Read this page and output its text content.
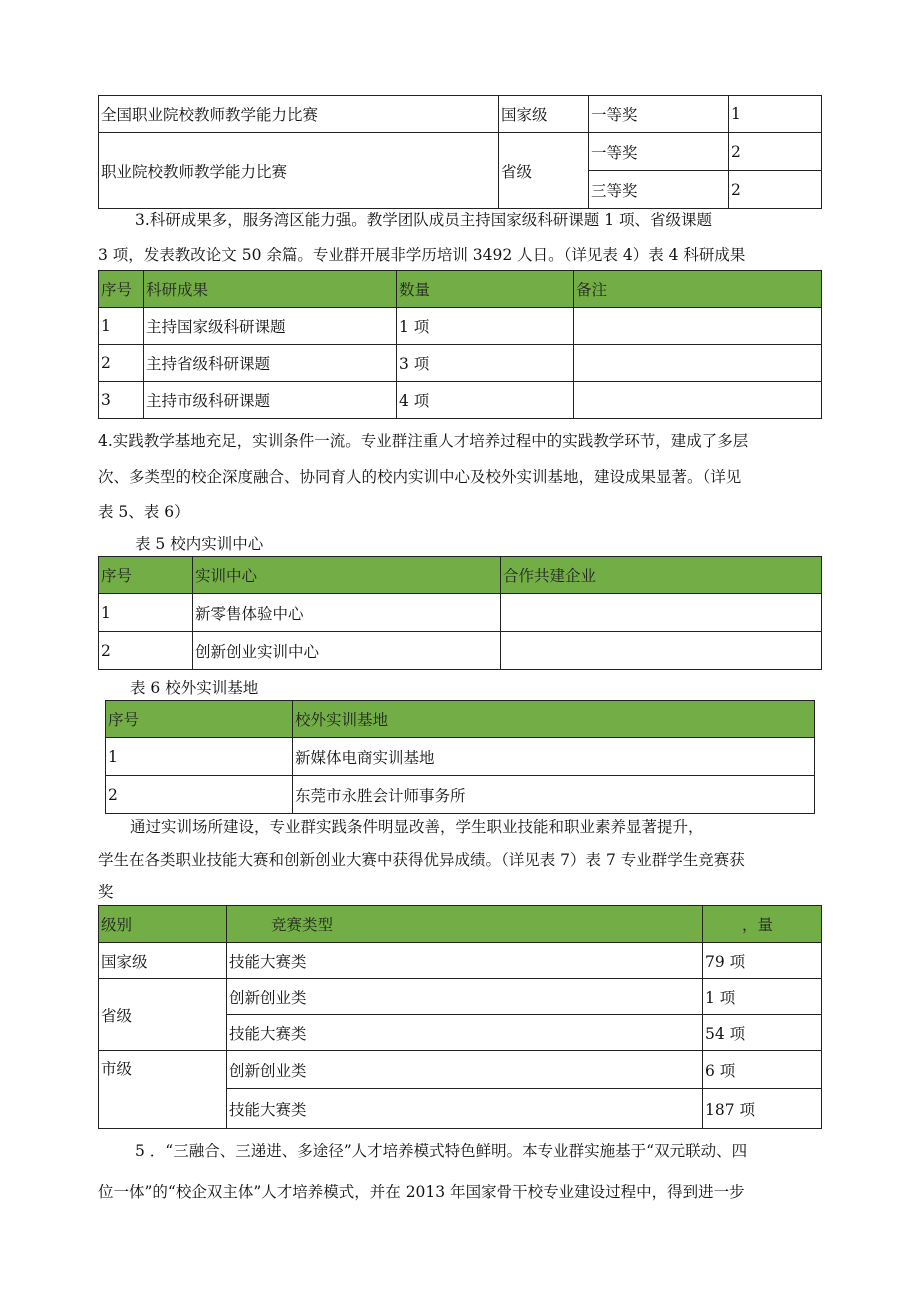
全国职业院校教师教学能力比赛	国家级	一等奖	1
职业院校教师教学能力比赛	省级	一等奖	2
		三等奖	2

3.科研成果多，服务湾区能力强。教学团队成员主持国家级科研课题 1 项、省级课题

3 项，发表教改论文 50 余篇。专业群开展非学历培训 3492 人日。（详见表 4）表 4 科研成果

序号	科研成果	数量	备注
1	主持国家级科研课题	1 项	
2	主持省级科研课题	3 项	
3	主持市级科研课题	4 项	

4.实践教学基地充足，实训条件一流。专业群注重人才培养过程中的实践教学环节，建成了多层

次、多类型的校企深度融合、协同育人的校内实训中心及校外实训基地，建设成果显著。（详见

表 5、表 6）

表 5 校内实训中心

序号	实训中心	合作共建企业
1	新零售体验中心	
2	创新创业实训中心	

表 6 校外实训基地

序号	校外实训基地
1	新媒体电商实训基地
2	东莞市永胜会计师事务所

通过实训场所建设，专业群实践条件明显改善，学生职业技能和职业素养显著提升，

学生在各类职业技能大赛和创新创业大赛中获得优异成绩。（详见表 7）表 7 专业群学生竞赛获

奖

级别	竞赛类型	，量
国家级	技能大赛类	79 项
省级	创新创业类	1 项
	技能大赛类	54 项
市级	创新创业类	6 项
	技能大赛类	187 项

5 ．“三融合、三递进、多途径”人才培养模式特色鲜明。本专业群实施基于“双元联动、四

位一体”的“校企双主体”人才培养模式，并在 2013 年国家骨干校专业建设过程中，得到进一步
